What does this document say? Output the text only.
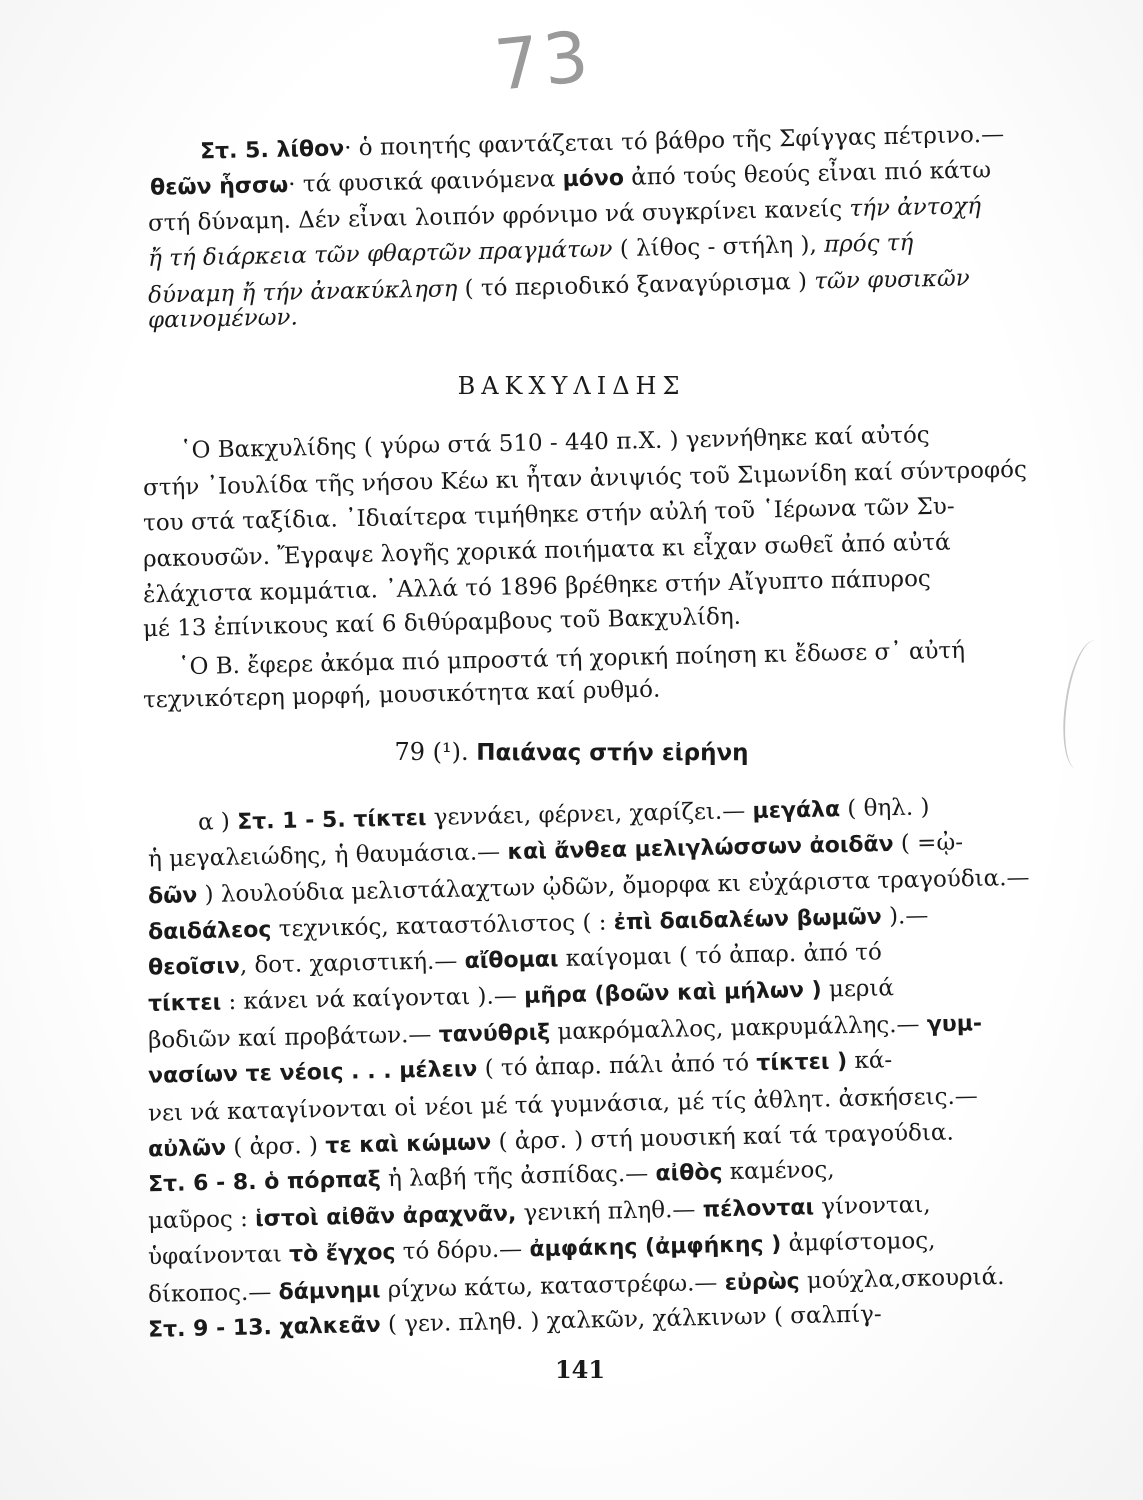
73
Στ. 5. λίθον· ὁ ποιητής φαντάζεται τό βάθρο τῆς Σφίγγας πέτρινο.—
θεῶν ἧσσω· τά φυσικά φαινόμενα μόνο ἀπό τούς θεούς εἶναι πιό κάτω
στή δύναμη. Δέν εἶναι λοιπόν φρόνιμο νά συγκρίνει κανείς τήν ἀντοχή
ἤ τή διάρκεια τῶν φθαρτῶν πραγμάτων ( λίθος - στήλη ), πρός τή
δύναμη ἤ τήν ἀνακύκληση ( τό περιοδικό ξαναγύρισμα ) τῶν φυσικῶν
φαινομένων.
ΒΑΚΧΥΛΙΔΗΣ
῾Ο Βακχυλίδης ( γύρω στά 510 - 440 π.Χ. ) γεννήθηκε καί αὐτός
στήν ᾿Ιουλίδα τῆς νήσου Κέω κι ἦταν ἀνιψιός τοῦ Σιμωνίδη καί σύντροφός
του στά ταξίδια. ᾿Ιδιαίτερα τιμήθηκε στήν αὐλή τοῦ ῾Ιέρωνα τῶν Συ-
ρακουσῶν. Ἔγραψε λογῆς χορικά ποιήματα κι εἶχαν σωθεῖ ἀπό αὐτά
ἐλάχιστα κομμάτια. ᾿Αλλά τό 1896 βρέθηκε στήν Αἴγυπτο πάπυρος
μέ 13 ἐπίνικους καί 6 διθύραμβους τοῦ Βακχυλίδη.
῾Ο Β. ἔφερε ἀκόμα πιό μπροστά τή χορική ποίηση κι ἔδωσε σ᾿ αὐτή
τεχνικότερη μορφή, μουσικότητα καί ρυθμό.
79 (¹). Παιάνας στήν εἰρήνη
α ) Στ. 1 - 5. τίκτει γεννάει, φέρνει, χαρίζει.— μεγάλα ( θηλ. )
ἡ μεγαλειώδης, ἡ θαυμάσια.— καὶ ἄνθεα μελιγλώσσων ἀοιδᾶν ( =ᾠ-
δῶν ) λουλούδια μελιστάλαχτων ᾠδῶν, ὄμορφα κι εὐχάριστα τραγούδια.—
δαιδάλεος τεχνικός, καταστόλιστος ( : ἐπὶ δαιδαλέων βωμῶν ).—
θεοῖσιν, δοτ. χαριστική.— αἴθομαι καίγομαι ( τό ἀπαρ. ἀπό τό
τίκτει : κάνει νά καίγονται ).— μῆρα (βοῶν καὶ μήλων ) μεριά
βοδιῶν καί προβάτων.— τανύθριξ μακρόμαλλος, μακρυμάλλης.— γυμ-
νασίων τε νέοις . . . μέλειν ( τό ἀπαρ. πάλι ἀπό τό τίκτει ) κά-
νει νά καταγίνονται οἱ νέοι μέ τά γυμνάσια, μέ τίς ἀθλητ. ἀσκήσεις.—
αὐλῶν ( ἀρσ. ) τε καὶ κώμων ( ἀρσ. ) στή μουσική καί τά τραγούδια.
Στ. 6 - 8. ὁ πόρπαξ ἡ λαβή τῆς ἀσπίδας.— αἰθὸς καμένος,
μαῦρος : ἱστοὶ αἰθᾶν ἀραχνᾶν, γενική πληθ.— πέλονται γίνονται,
ὑφαίνονται τὸ ἔγχος τό δόρυ.— ἀμφάκης (ἀμφήκης ) ἀμφίστομος,
δίκοπος.— δάμνημι ρίχνω κάτω, καταστρέφω.— εὐρὼς μούχλα,σκουριά.
Στ. 9 - 13. χαλκεᾶν ( γεν. πληθ. ) χαλκῶν, χάλκινων ( σαλπίγ-
141
